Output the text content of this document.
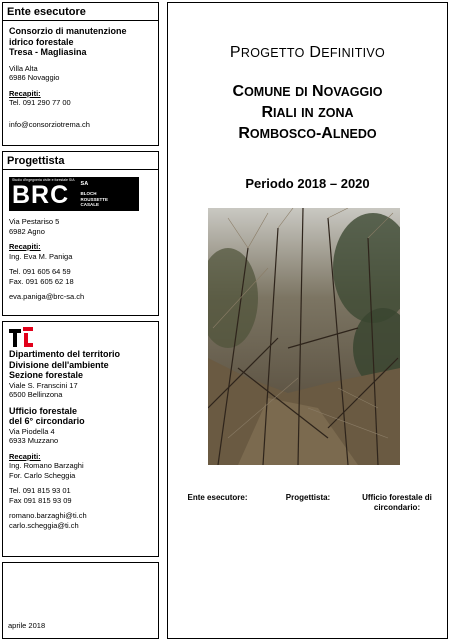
Ente esecutore
Consorzio di manutenzione
idrico forestale
Tresa - Magliasina
Villa Alta
6986 Novaggio
Recapiti:
Tel. 091 290 77 00
info@consorziotrema.ch
Progettista
Studio d'ingegneria civile e forestale SIA
BRC	SA
BLOCH
ROUSSETTE
CASALE
Via Pestariso 5
6982 Agno
Recapiti:
Ing. Eva M. Paniga
Tel. 091 605 64 59
Fax. 091 605 62 18
eva.paniga@brc-sa.ch
Dipartimento del territorio
Divisione dell'ambiente
Sezione forestale
Viale S. Franscini 17
6500 Bellinzona
Ufficio forestale
del 6° circondario
Via Piodella 4
6933 Muzzano
Recapiti:
Ing. Romano Barzaghi
For. Carlo Scheggia
Tel. 091 815 93 01
Fax 091 815 93 09
romano.barzaghi@ti.ch
carlo.scheggia@ti.ch
aprile 2018
PROGETTO DEFINITIVO
COMUNE DI NOVAGGIO
RIALI IN ZONA
ROMBOSCO-ALNEDO
Periodo 2018 – 2020
Ente esecutore:	Progettista:	Ufficio forestale di circondario:
